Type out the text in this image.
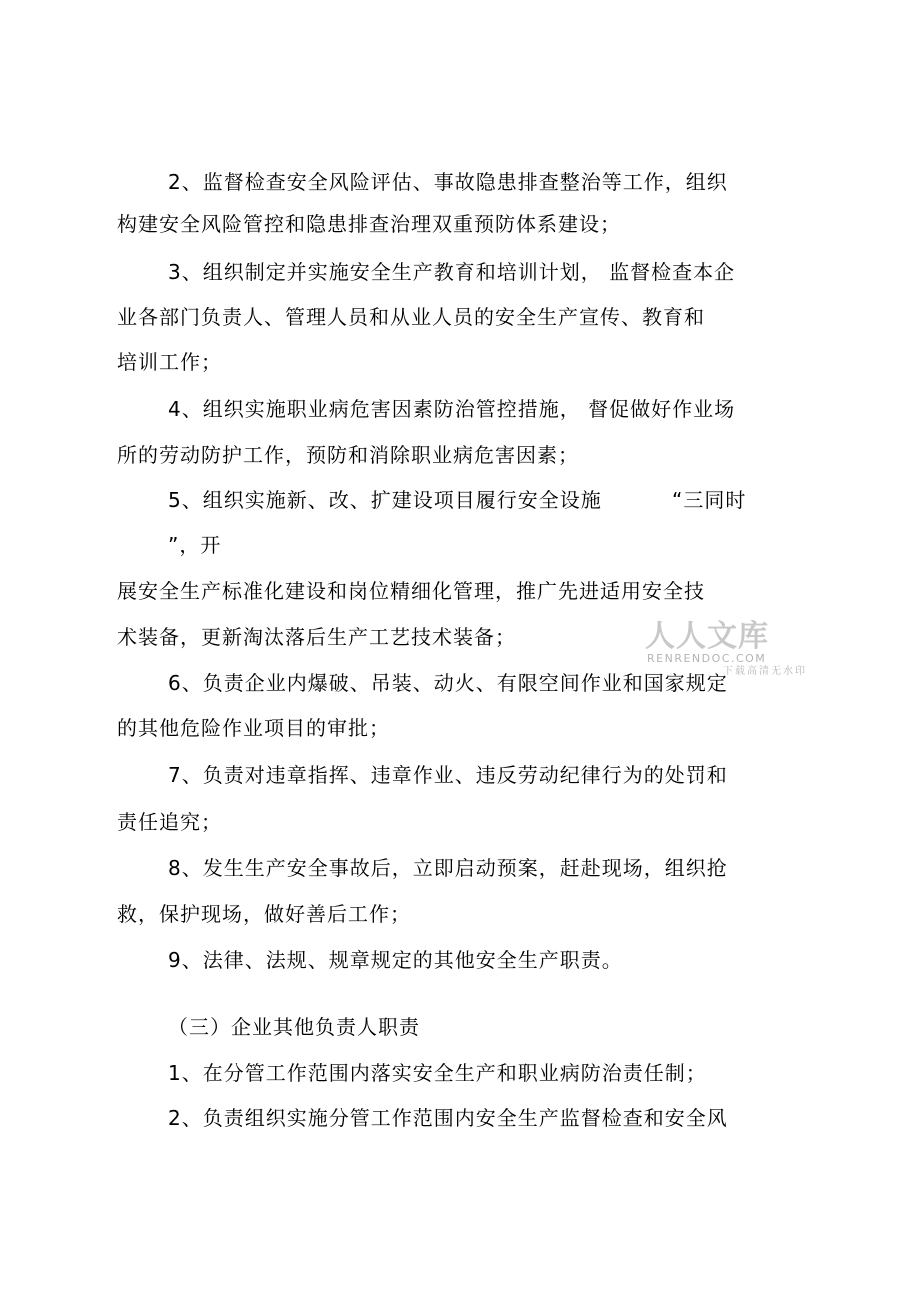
2、监督检查安全风险评估、事故隐患排查整治等工作，组织
构建安全风险管控和隐患排查治理双重预防体系建设；
3、组织制定并实施安全生产教育和培训计划， 监督检查本企
业各部门负责人、管理人员和从业人员的安全生产宣传、教育和
培训工作；
4、组织实施职业病危害因素防治管控措施， 督促做好作业场
所的劳动防护工作，预防和消除职业病危害因素；
5、组织实施新、改、扩建设项目履行安全设施	“三同时
”，开
展安全生产标准化建设和岗位精细化管理，推广先进适用安全技
术装备，更新淘汰落后生产工艺技术装备；
6、负责企业内爆破、吊装、动火、有限空间作业和国家规定
的其他危险作业项目的审批；
7、负责对违章指挥、违章作业、违反劳动纪律行为的处罚和
责任追究；
8、发生生产安全事故后，立即启动预案，赶赴现场，组织抢
救，保护现场，做好善后工作；
9、法律、法规、规章规定的其他安全生产职责。
（三）企业其他负责人职责
1、在分管工作范围内落实安全生产和职业病防治责任制；
2、负责组织实施分管工作范围内安全生产监督检查和安全风
人人文库
RENRENDOC.COM
下载高清无水印
